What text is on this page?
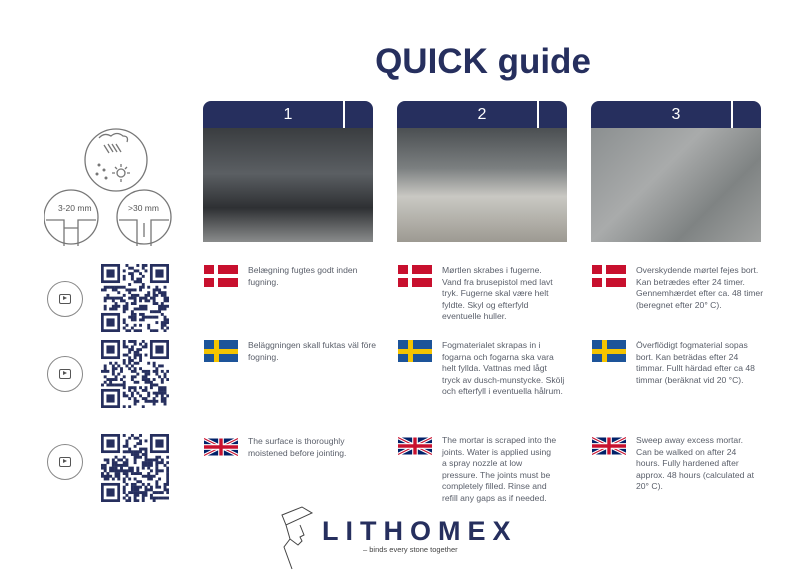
QUICK guide
3-20 mm	>30 mm
1	2	3
Belægning fugtes godt inden fugning.
Mørtlen skrabes i fugerne. Vand fra brusepistol med lavt tryk. Fugerne skal være helt fyldte. Skyl og efterfyld eventuelle huller.
Overskydende mørtel fejes bort. Kan betrædes efter 24 timer. Gennemhærdet efter ca. 48 timer (beregnet efter 20° C).
Beläggningen skall fuktas väl före fogning.
Fogmaterialet skrapas in i fogarna och fogarna ska vara helt fyllda. Vattnas med lågt tryck av dusch-munstycke. Skölj och efterfyll i eventuella hålrum.
Överflödigt fogmaterial sopas bort. Kan beträdas efter 24 timmar. Fullt härdad efter ca 48 timmar (beräknat vid 20 °C).
The surface is thoroughly moistened before jointing.
The mortar is scraped into the joints. Water is applied using a spray nozzle at low pressure. The joints must be completely filled. Rinse and refill any gaps as if needed.
Sweep away excess mortar. Can be walked on after 24 hours. Fully hardened after approx. 48 hours (calculated at 20° C).
LITHOMEX
– binds every stone together
